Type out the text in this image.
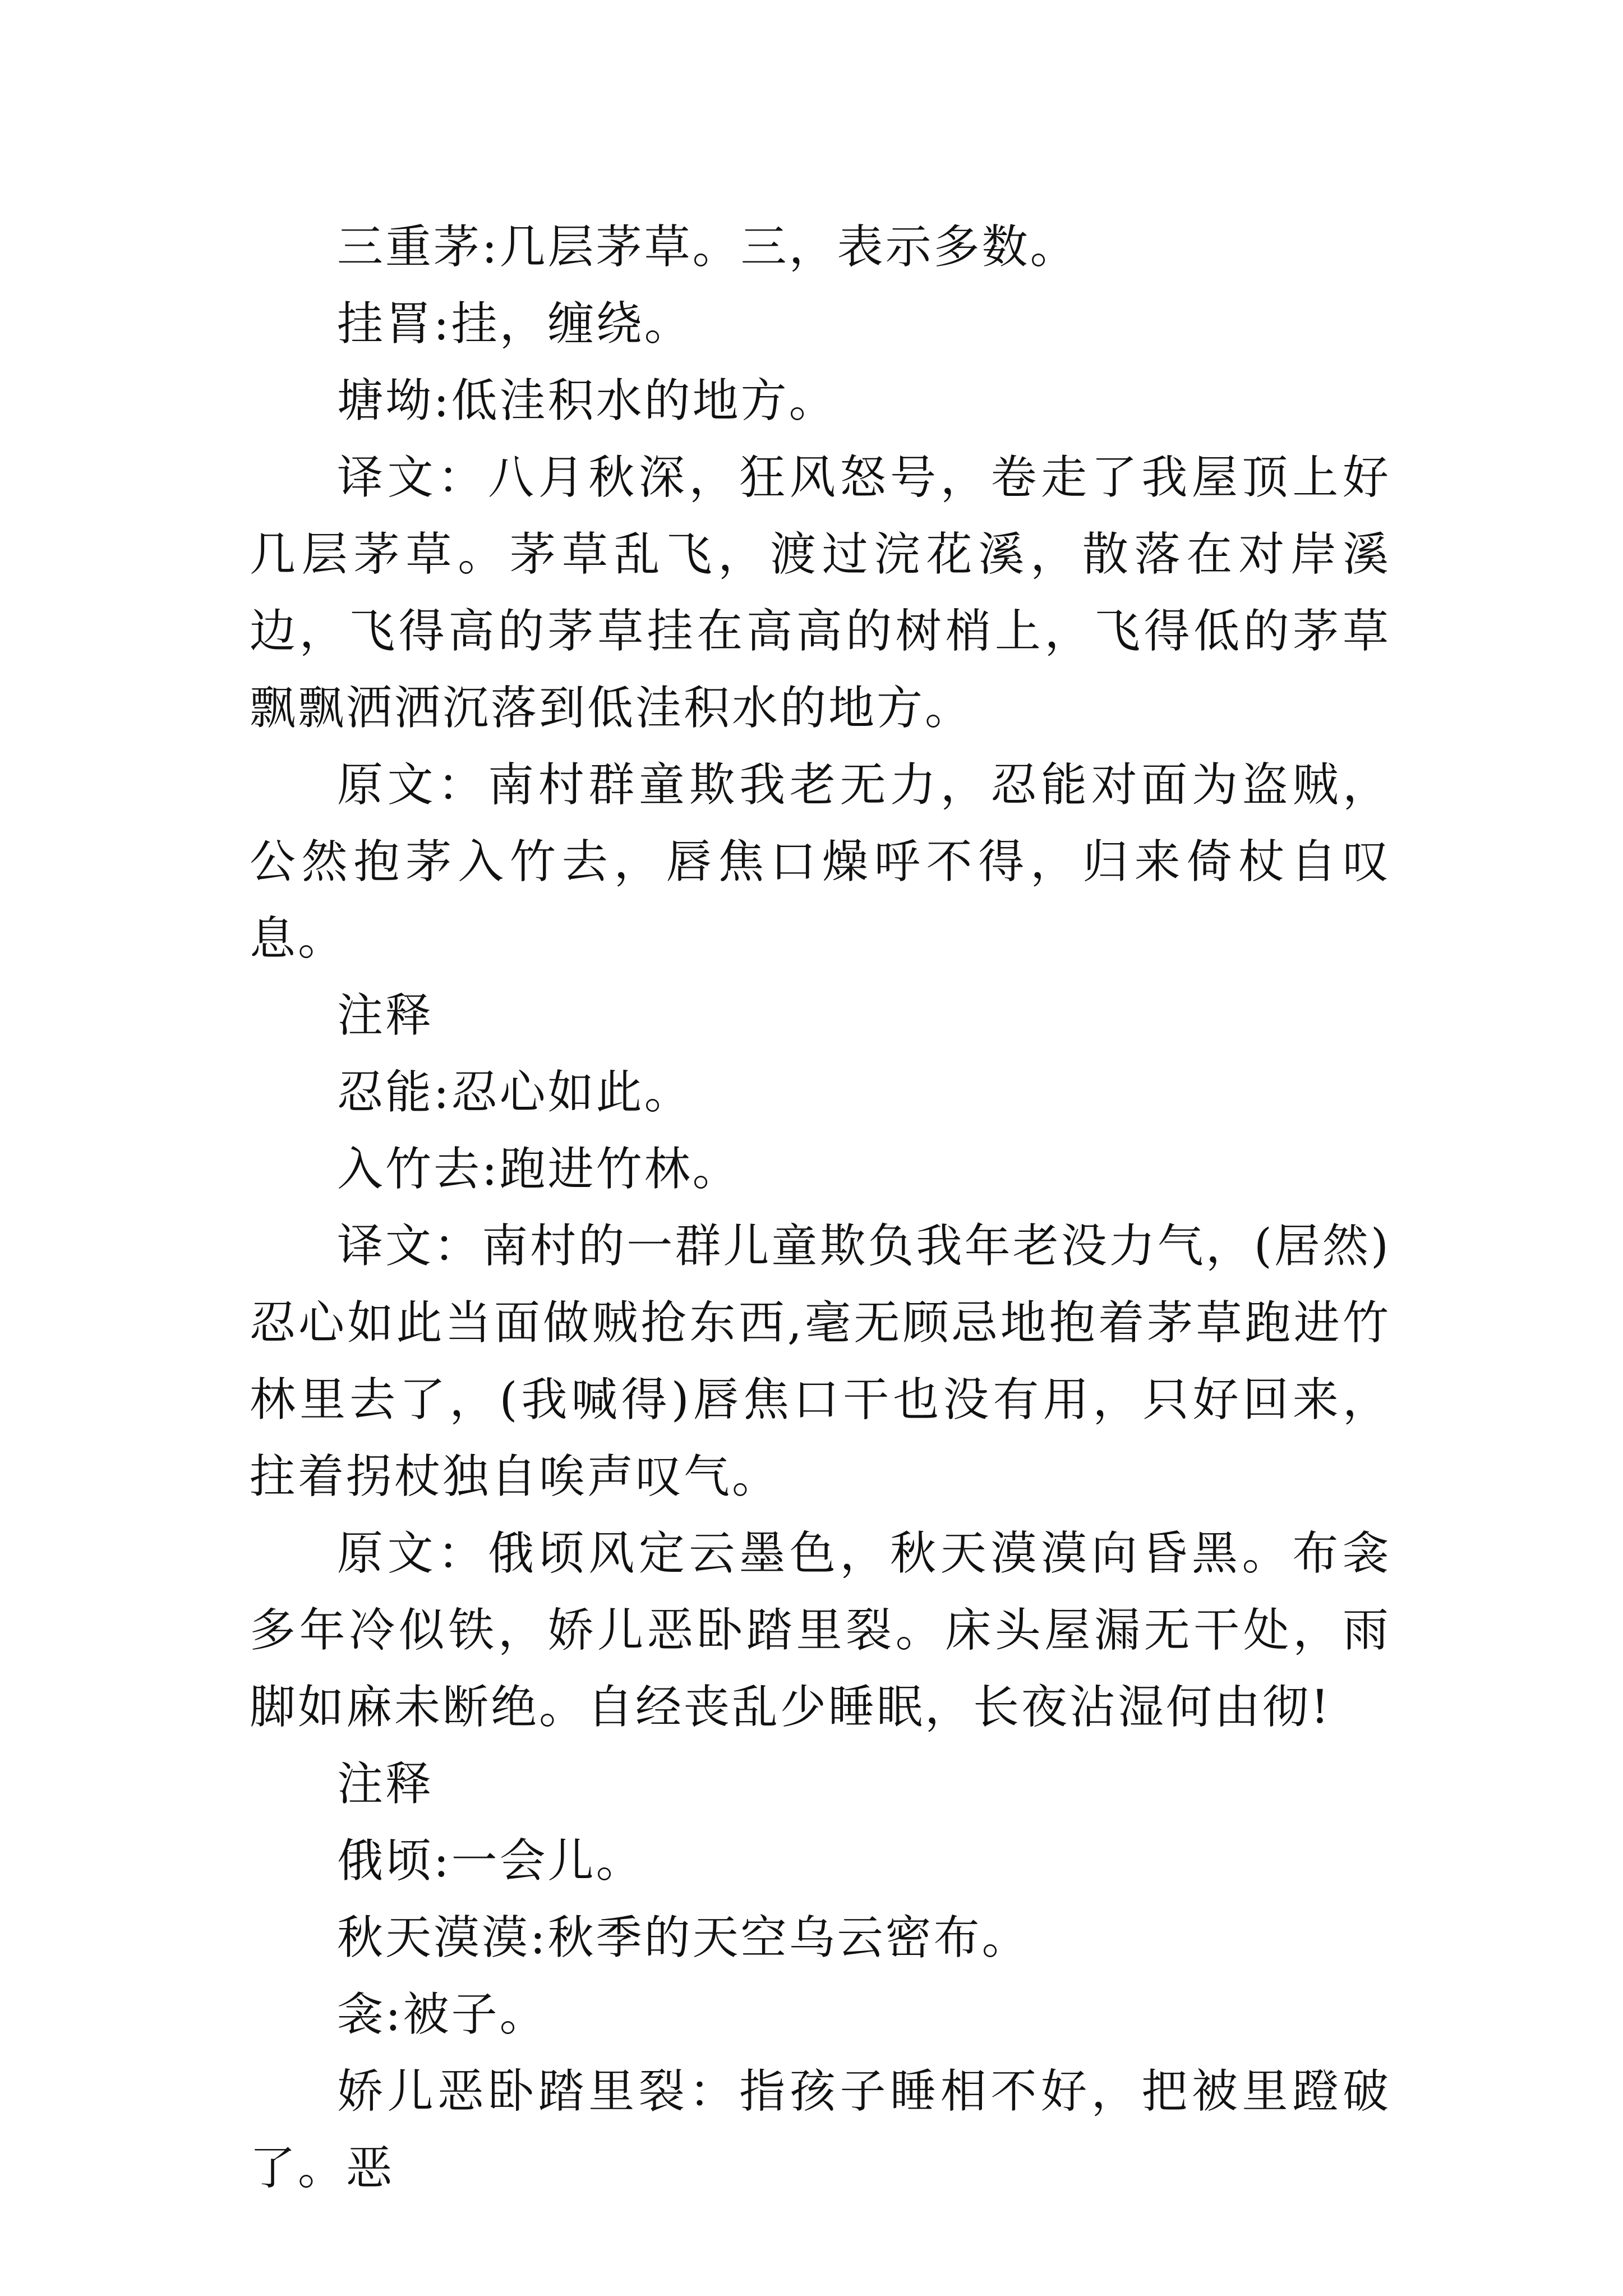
三重茅:几层茅草。三，表示多数。

挂罥:挂，缠绕。

塘坳:低洼积水的地方。

译文：八月秋深，狂风怒号，卷走了我屋顶上好几层茅草。茅草乱飞，渡过浣花溪，散落在对岸溪边，飞得高的茅草挂在高高的树梢上，飞得低的茅草飘飘洒洒沉落到低洼积水的地方。

原文：南村群童欺我老无力，忍能对面为盗贼，公然抱茅入竹去，唇焦口燥呼不得，归来倚杖自叹息。

注释

忍能:忍心如此。

入竹去:跑进竹林。

译文：南村的一群儿童欺负我年老没力气，(居然)忍心如此当面做贼抢东西,毫无顾忌地抱着茅草跑进竹林里去了，(我喊得)唇焦口干也没有用，只好回来，拄着拐杖独自唉声叹气。

原文：俄顷风定云墨色，秋天漠漠向昏黑。布衾多年冷似铁，娇儿恶卧踏里裂。床头屋漏无干处，雨脚如麻未断绝。自经丧乱少睡眠，长夜沾湿何由彻!

注释

俄顷:一会儿。

秋天漠漠:秋季的天空乌云密布。

衾:被子。

娇儿恶卧踏里裂：指孩子睡相不好，把被里蹬破了。恶
